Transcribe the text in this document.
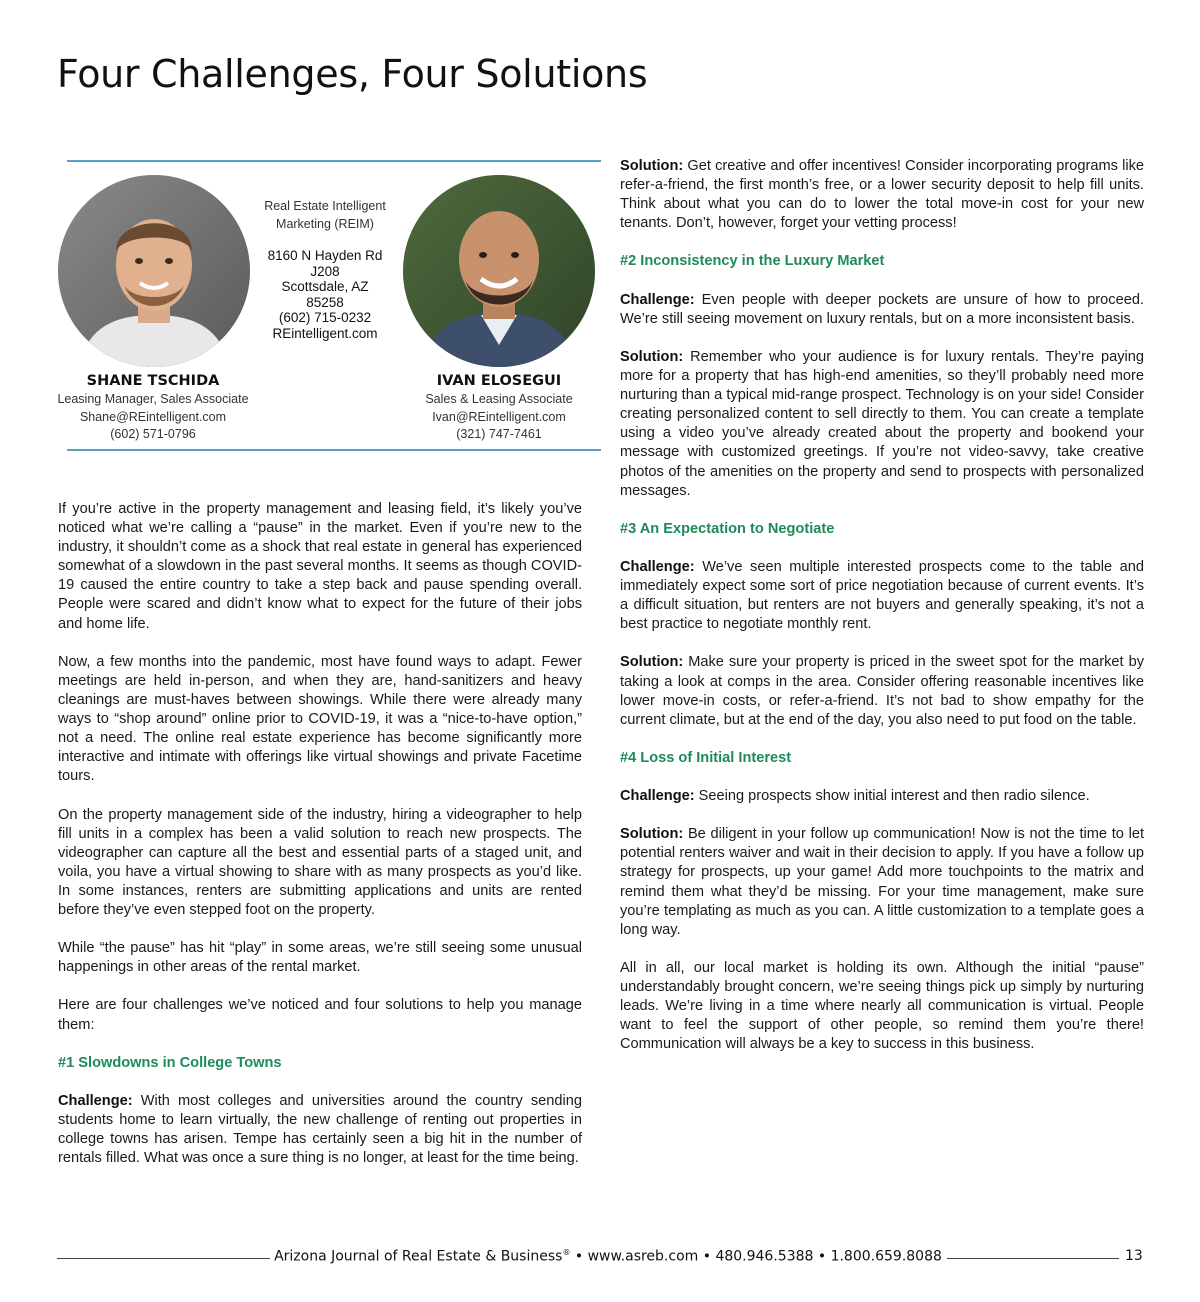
Four Challenges, Four Solutions
Real Estate Intelligent
Marketing (REIM)
8160 N Hayden Rd
J208
Scottsdale, AZ
85258
(602) 715-0232
REintelligent.com
SHANE TSCHIDA
Leasing Manager, Sales Associate
Shane@REintelligent.com
(602) 571-0796
IVAN ELOSEGUI
Sales & Leasing Associate
Ivan@REintelligent.com
(321) 747-7461

If you’re active in the property management and leasing field, it’s likely you’ve noticed what we’re calling a “pause” in the market. Even if you’re new to the industry, it shouldn’t come as a shock that real estate in general has experienced somewhat of a slowdown in the past several months. It seems as though COVID-19 caused the entire country to take a step back and pause spending overall. People were scared and didn’t know what to expect for the future of their jobs and home life.

Now, a few months into the pandemic, most have found ways to adapt. Fewer meetings are held in-person, and when they are, hand-sanitizers and heavy cleanings are must-haves between showings. While there were already many ways to “shop around” online prior to COVID-19, it was a “nice-to-have option,” not a need. The online real estate experience has become significantly more interactive and intimate with offerings like virtual showings and private Facetime tours.

On the property management side of the industry, hiring a videographer to help fill units in a complex has been a valid solution to reach new prospects. The videographer can capture all the best and essential parts of a staged unit, and voila, you have a virtual showing to share with as many prospects as you’d like. In some instances, renters are submitting applications and units are rented before they’ve even stepped foot on the property.

While “the pause” has hit “play” in some areas, we’re still seeing some unusual happenings in other areas of the rental market.

Here are four challenges we’ve noticed and four solutions to help you manage them:

#1 Slowdowns in College Towns

Challenge: With most colleges and universities around the country sending students home to learn virtually, the new challenge of renting out properties in college towns has arisen. Tempe has certainly seen a big hit in the number of rentals filled. What was once a sure thing is no longer, at least for the time being.

Solution: Get creative and offer incentives! Consider incorporating programs like refer-a-friend, the first month’s free, or a lower security deposit to help fill units. Think about what you can do to lower the total move-in cost for your new tenants. Don’t, however, forget your vetting process!

#2 Inconsistency in the Luxury Market

Challenge: Even people with deeper pockets are unsure of how to proceed. We’re still seeing movement on luxury rentals, but on a more inconsistent basis.

Solution: Remember who your audience is for luxury rentals. They’re paying more for a property that has high-end amenities, so they’ll probably need more nurturing than a typical mid-range prospect. Technology is on your side! Consider creating personalized content to sell directly to them. You can create a template using a video you’ve already created about the property and bookend your message with customized greetings. If you’re not video-savvy, take creative photos of the amenities on the property and send to prospects with personalized messages.

#3 An Expectation to Negotiate

Challenge: We’ve seen multiple interested prospects come to the table and immediately expect some sort of price negotiation because of current events. It’s a difficult situation, but renters are not buyers and generally speaking, it’s not a best practice to negotiate monthly rent.

Solution: Make sure your property is priced in the sweet spot for the market by taking a look at comps in the area. Consider offering reasonable incentives like lower move-in costs, or refer-a-friend. It’s not bad to show empathy for the current climate, but at the end of the day, you also need to put food on the table.

#4 Loss of Initial Interest

Challenge: Seeing prospects show initial interest and then radio silence.

Solution: Be diligent in your follow up communication! Now is not the time to let potential renters waiver and wait in their decision to apply. If you have a follow up strategy for prospects, up your game! Add more touchpoints to the matrix and remind them what they’d be missing. For your time management, make sure you’re templating as much as you can. A little customization to a template goes a long way.

All in all, our local market is holding its own. Although the initial “pause” understandably brought concern, we’re seeing things pick up simply by nurturing leads. We’re living in a time where nearly all communication is virtual. People want to feel the support of other people, so remind them you’re there! Communication will always be a key to success in this business.

Arizona Journal of Real Estate & Business® • www.asreb.com • 480.946.5388 • 1.800.659.8088	13
